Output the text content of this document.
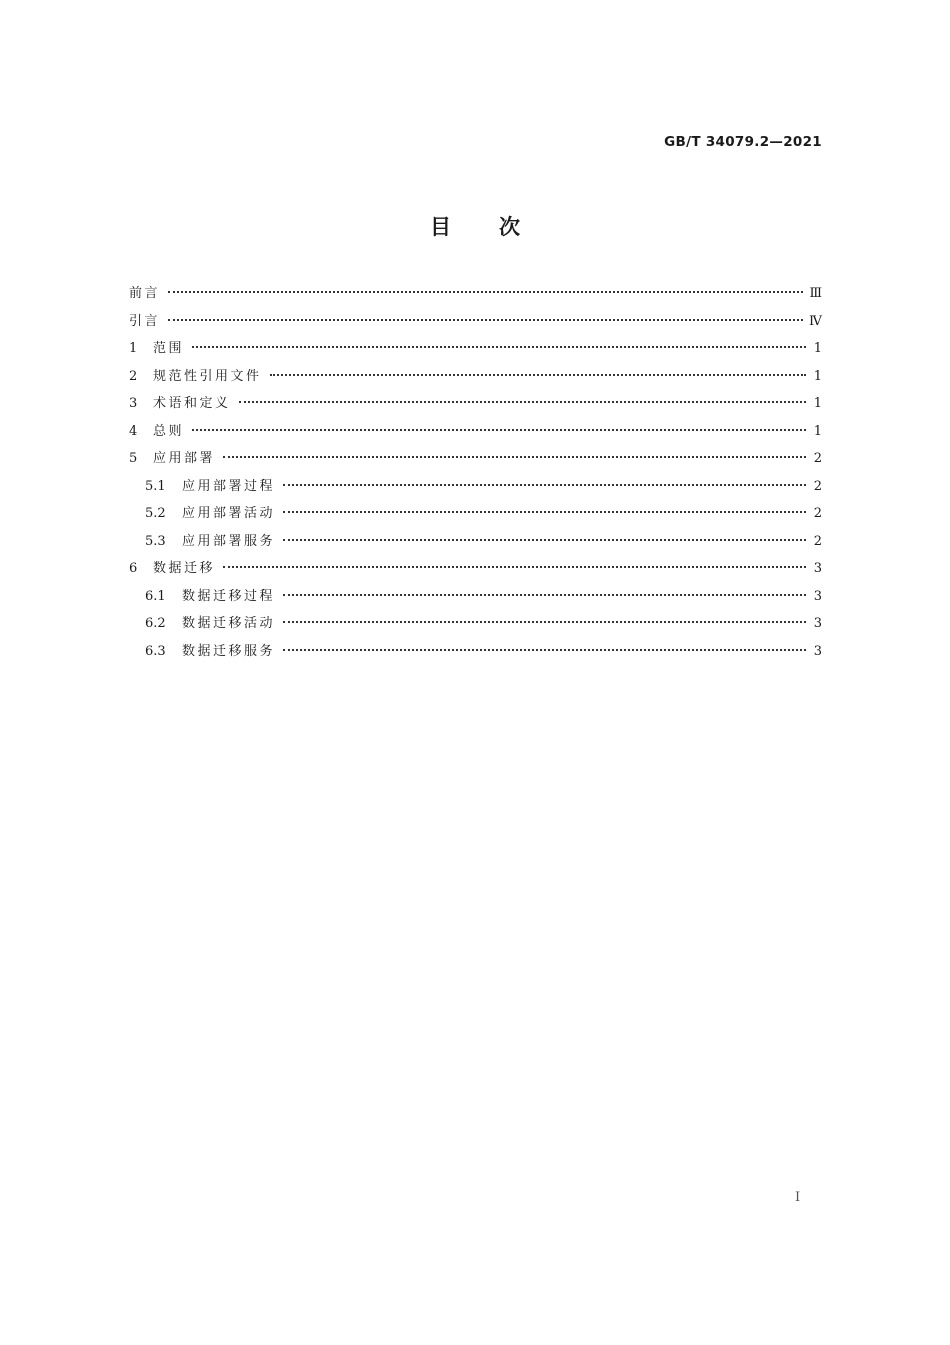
GB/T 34079.2—2021
目次
前言	Ⅲ
引言	Ⅳ
1	范围	1
2	规范性引用文件	1
3	术语和定义	1
4	总则	1
5	应用部署	2
5.1	应用部署过程	2
5.2	应用部署活动	2
5.3	应用部署服务	2
6	数据迁移	3
6.1	数据迁移过程	3
6.2	数据迁移活动	3
6.3	数据迁移服务	3
I
